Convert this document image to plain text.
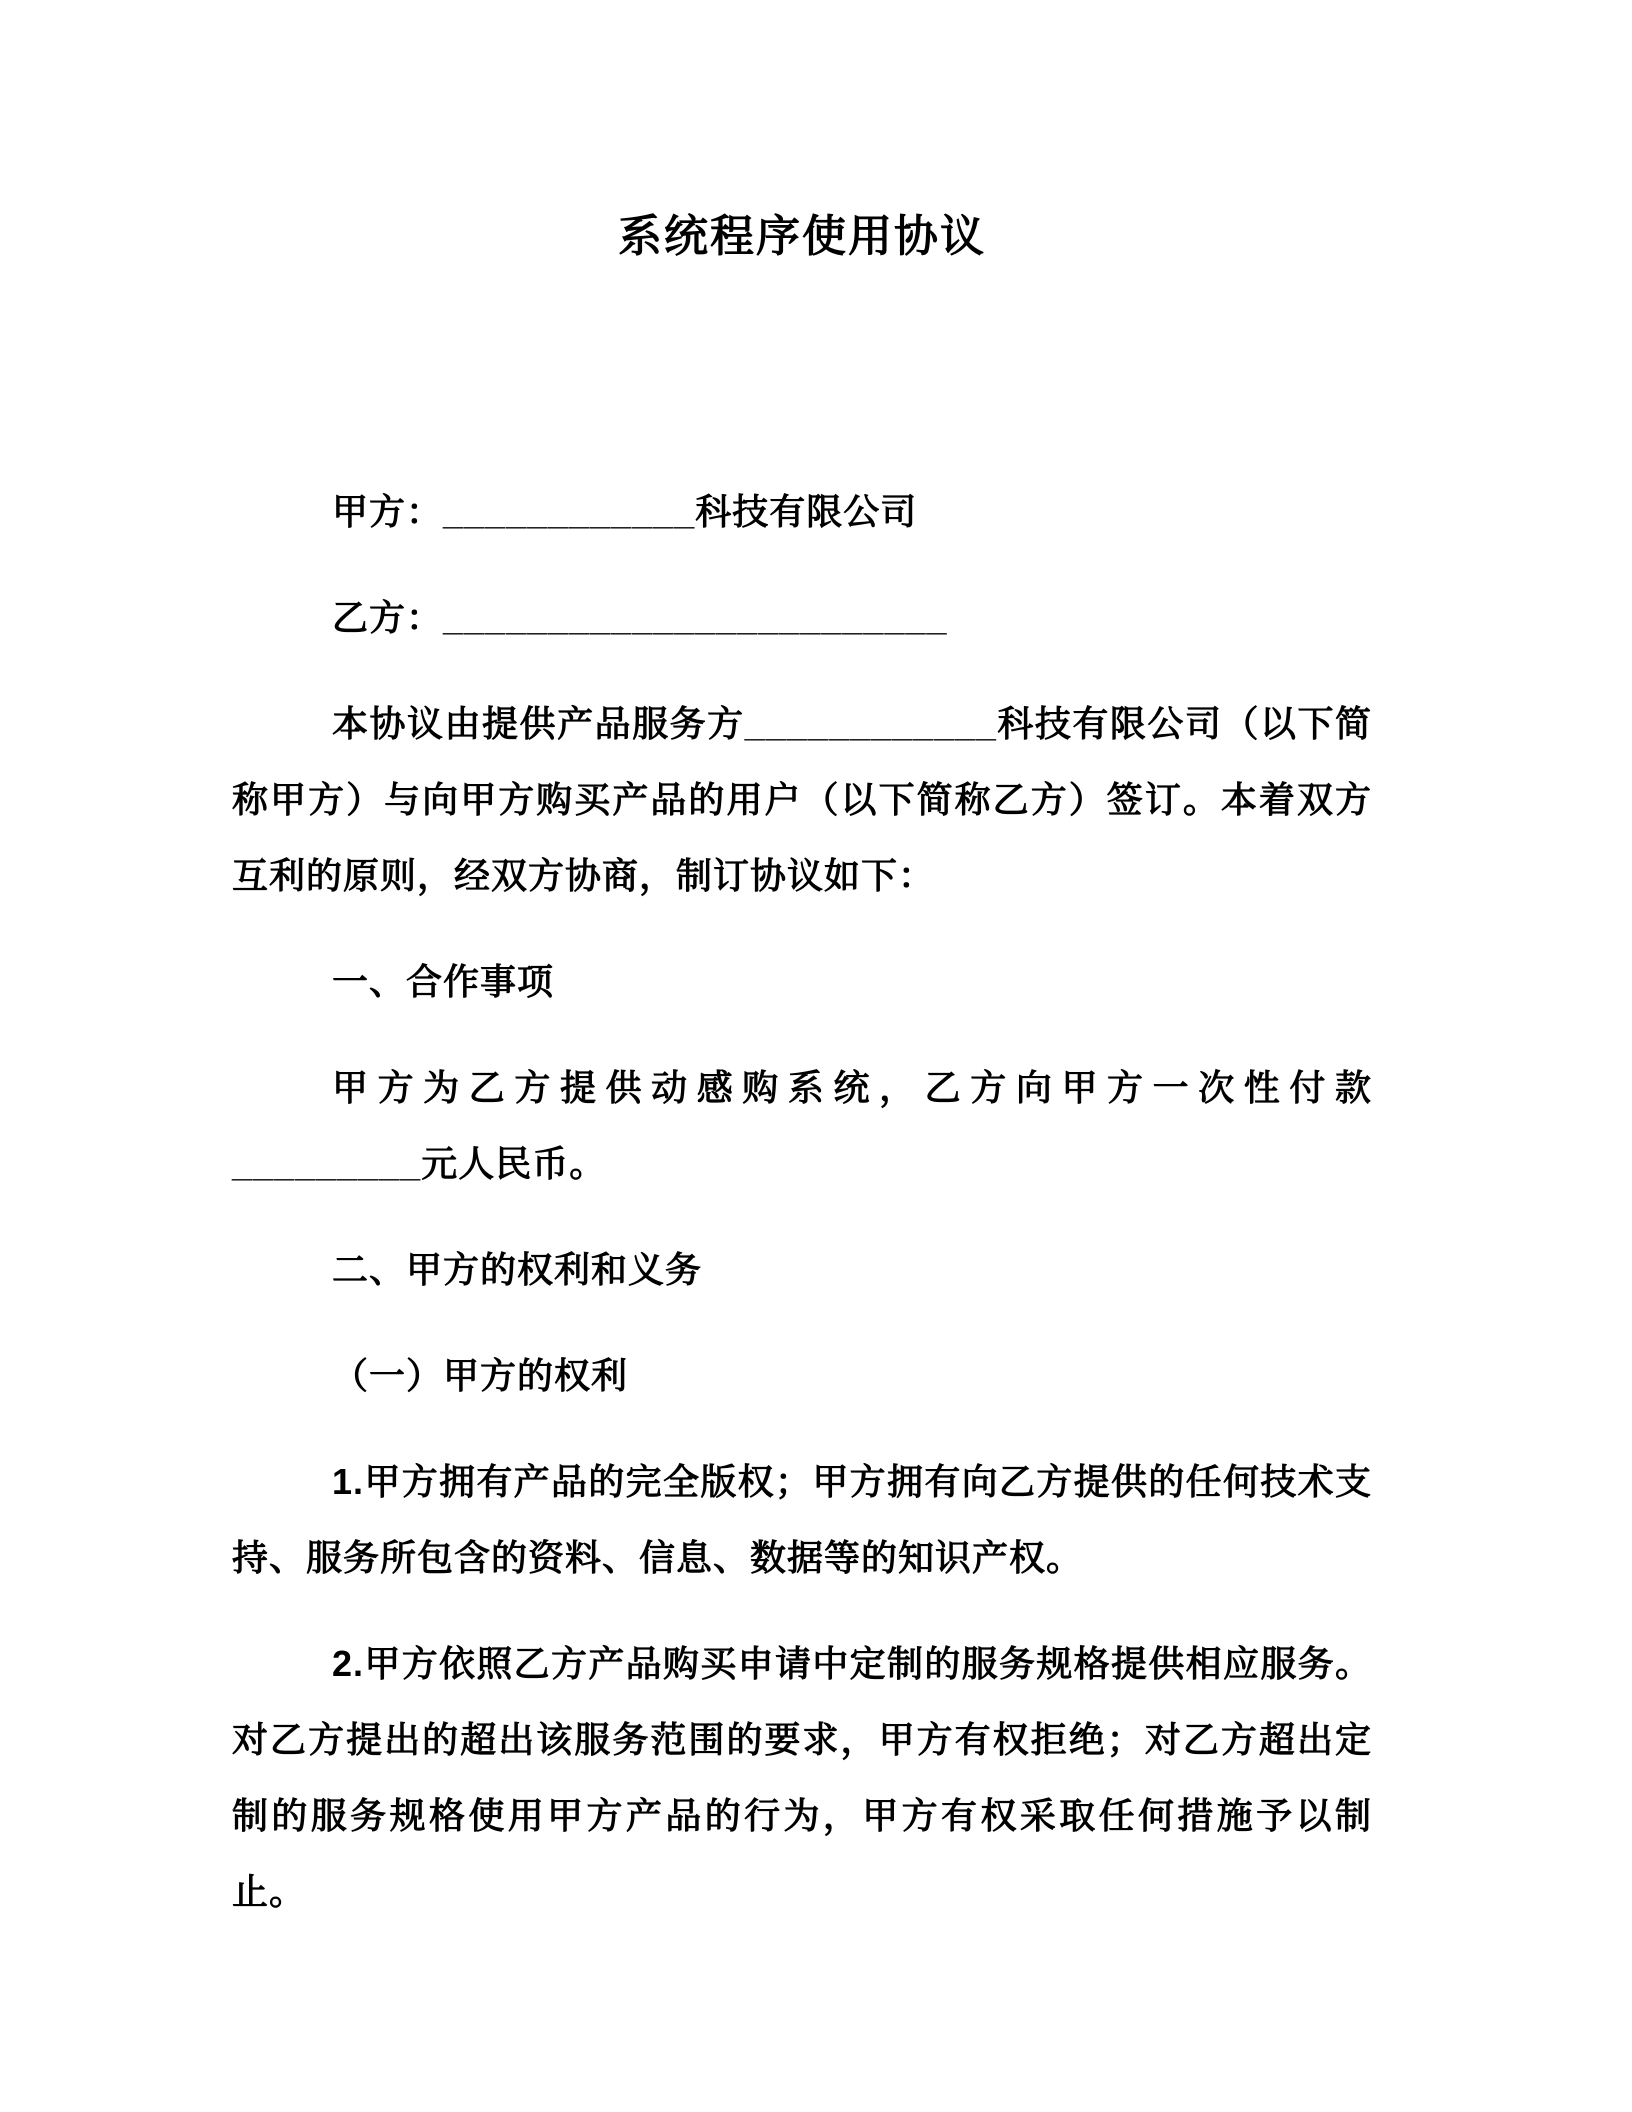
系统程序使用协议

甲方：____________科技有限公司

乙方：________________________

本协议由提供产品服务方____________科技有限公司（以下简称甲方）与向甲方购买产品的用户（以下简称乙方）签订。本着双方互利的原则，经双方协商，制订协议如下：

一、合作事项

甲方为乙方提供动感购系统，乙方向甲方一次性付款_________元人民币。

二、甲方的权利和义务

（一）甲方的权利

1.甲方拥有产品的完全版权；甲方拥有向乙方提供的任何技术支持、服务所包含的资料、信息、数据等的知识产权。

2.甲方依照乙方产品购买申请中定制的服务规格提供相应服务。对乙方提出的超出该服务范围的要求，甲方有权拒绝；对乙方超出定制的服务规格使用甲方产品的行为，甲方有权采取任何措施予以制止。
